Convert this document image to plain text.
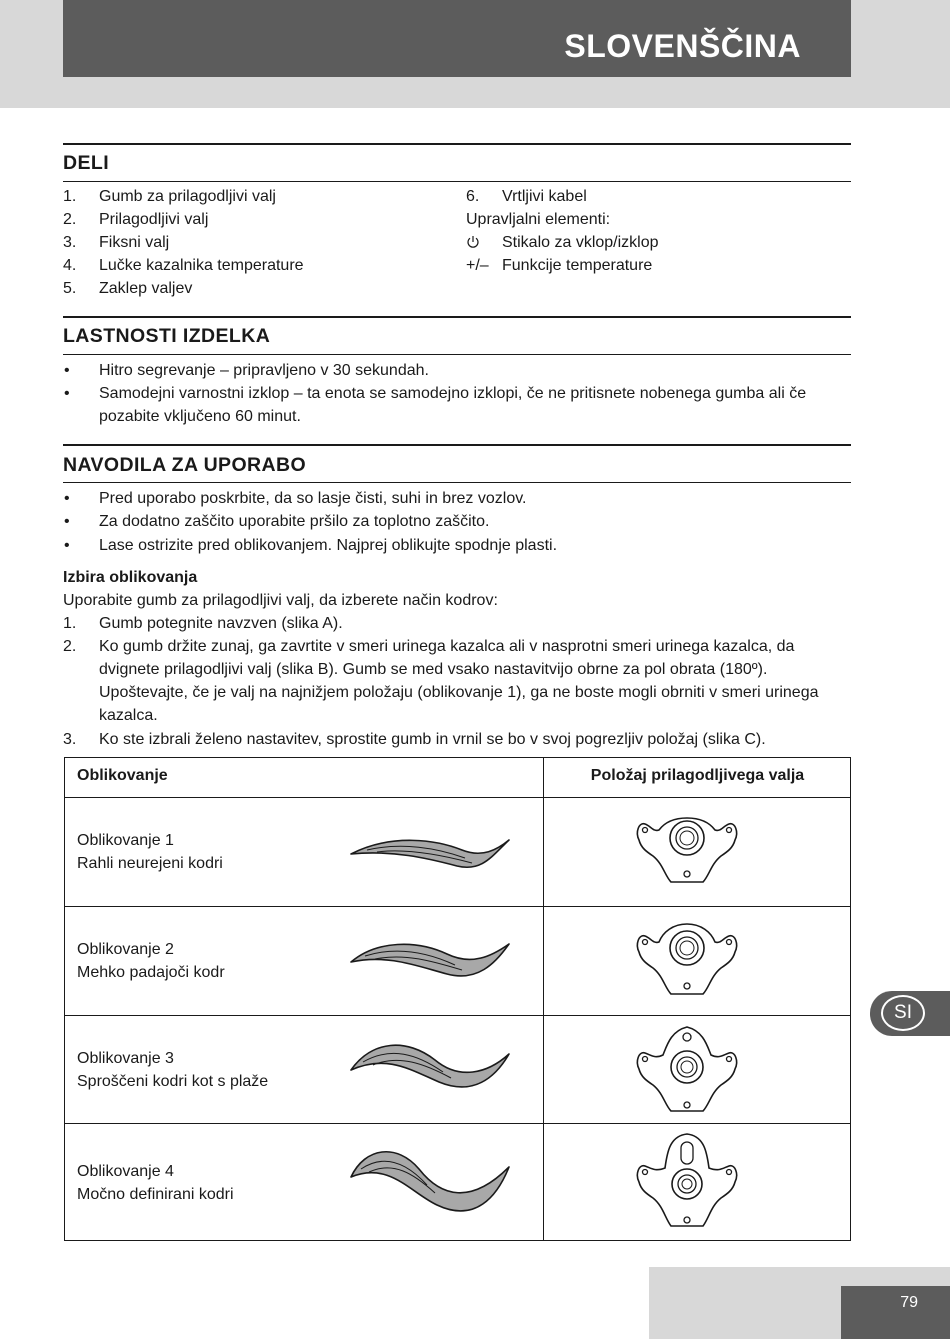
SLOVENŠČINA
DELI
1. Gumb za prilagodljivi valj
2. Prilagodljivi valj
3. Fiksni valj
4. Lučke kazalnika temperature
5. Zaklep valjev
6. Vrtljivi kabel
Upravljalni elementi:
Stikalo za vklop/izklop
+/– Funkcije temperature
LASTNOSTI IZDELKA
• Hitro segrevanje – pripravljeno v 30 sekundah.
• Samodejni varnostni izklop – ta enota se samodejno izklopi, če ne pritisnete nobenega gumba ali če
pozabite vključeno 60 minut.
NAVODILA ZA UPORABO
• Pred uporabo poskrbite, da so lasje čisti, suhi in brez vozlov.
• Za dodatno zaščito uporabite pršilo za toplotno zaščito.
• Lase ostrizite pred oblikovanjem. Najprej oblikujte spodnje plasti.
Izbira oblikovanja
Uporabite gumb za prilagodljivi valj, da izberete način kodrov:
1. Gumb potegnite navzven (slika A).
2. Ko gumb držite zunaj, ga zavrtite v smeri urinega kazalca ali v nasprotni smeri urinega kazalca, da
dvignete prilagodljivi valj (slika B). Gumb se med vsako nastavitvijo obrne za pol obrata (180º).
Upoštevajte, če je valj na najnižjem položaju (oblikovanje 1), ga ne boste mogli obrniti v smeri urinega
kazalca.
3. Ko ste izbrali želeno nastavitev, sprostite gumb in vrnil se bo v svoj pogrezljiv položaj (slika C).
Oblikovanje	Položaj prilagodljivega valja
Oblikovanje 1
Rahli neurejeni kodri
Oblikovanje 2
Mehko padajoči kodr
Oblikovanje 3
Sproščeni kodri kot s plaže
Oblikovanje 4
Močno definirani kodri
SI
79
